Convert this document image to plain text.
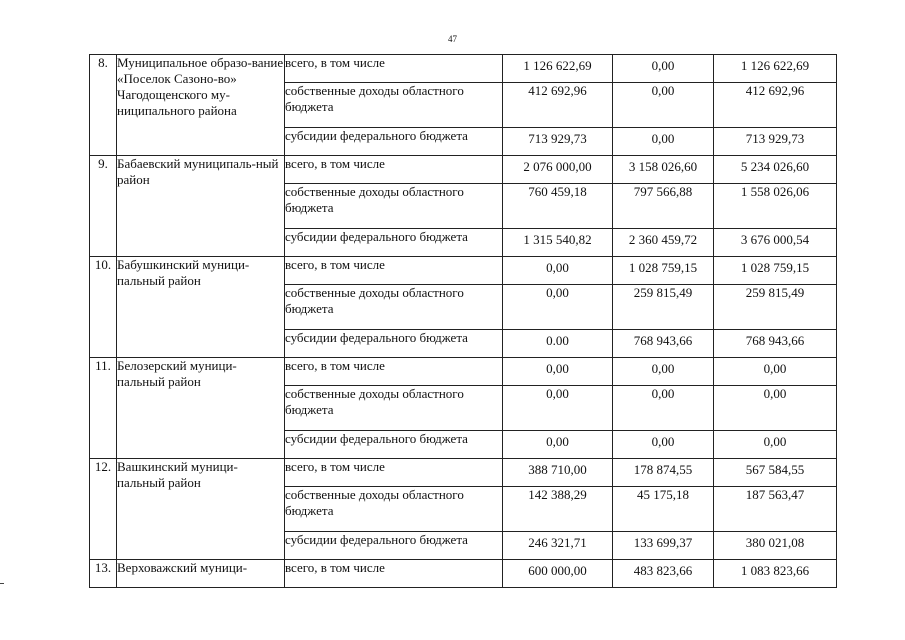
47
8.	Муниципальное образо-вание «Поселок Сазоно-во» Чагодощенского му-ниципального района	всего, в том числе	1 126 622,69	0,00	1 126 622,69
		собственные доходы областного бюджета	412 692,96	0,00	412 692,96
		субсидии федерального бюджета	713 929,73	0,00	713 929,73
9.	Бабаевский муниципаль-ный район	всего, в том числе	2 076 000,00	3 158 026,60	5 234 026,60
		собственные доходы областного бюджета	760 459,18	797 566,88	1 558 026,06
		субсидии федерального бюджета	1 315 540,82	2 360 459,72	3 676 000,54
10.	Бабушкинский муници-пальный район	всего, в том числе	0,00	1 028 759,15	1 028 759,15
		собственные доходы областного бюджета	0,00	259 815,49	259 815,49
		субсидии федерального бюджета	0.00	768 943,66	768 943,66
11.	Белозерский муници-пальный район	всего, в том числе	0,00	0,00	0,00
		собственные доходы областного бюджета	0,00	0,00	0,00
		субсидии федерального бюджета	0,00	0,00	0,00
12.	Вашкинский муници-пальный район	всего, в том числе	388 710,00	178 874,55	567 584,55
		собственные доходы областного бюджета	142 388,29	45 175,18	187 563,47
		субсидии федерального бюджета	246 321,71	133 699,37	380 021,08
13.	Верховажский муници-	всего, в том числе	600 000,00	483 823,66	1 083 823,66
